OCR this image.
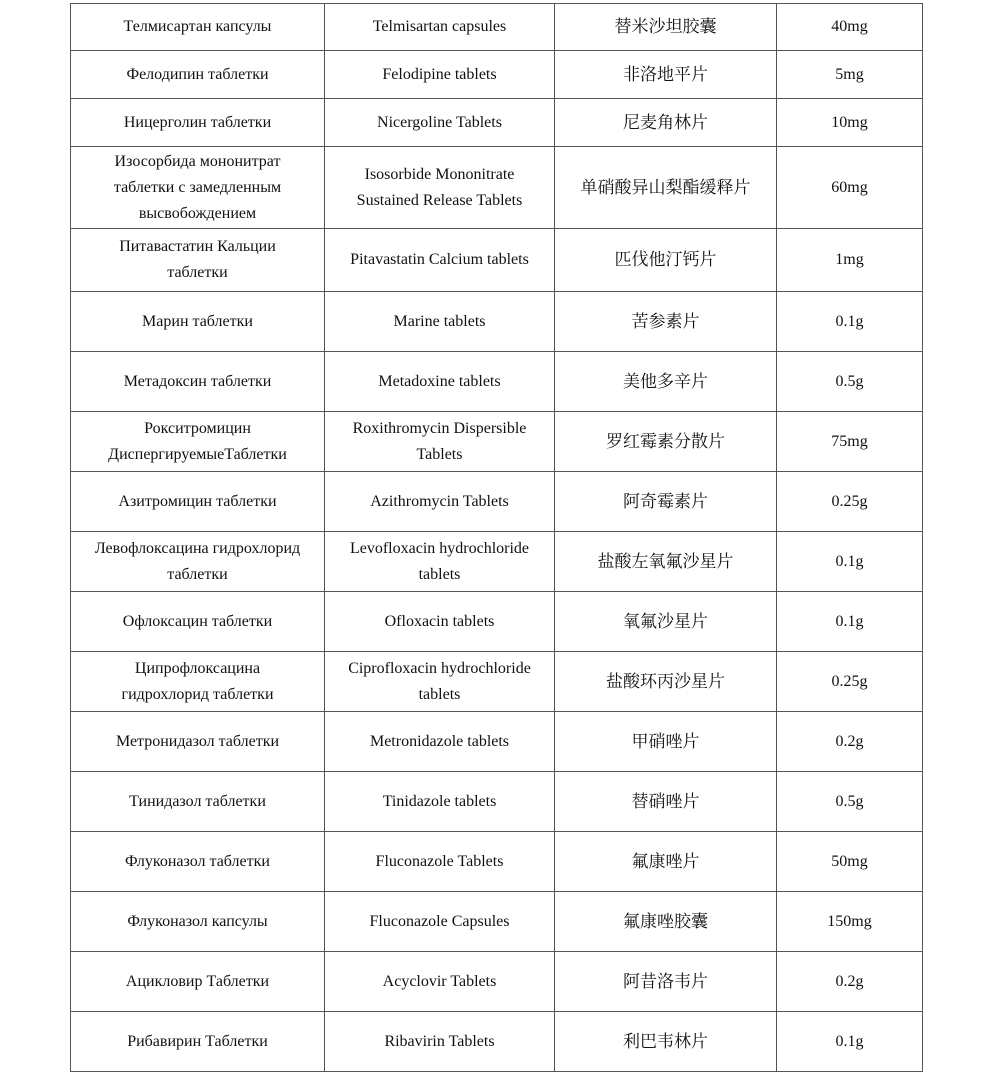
Телмисартан капсулы	Telmisartan capsules	替米沙坦胶囊	40mg
Фелодипин таблетки	Felodipine tablets	非洛地平片	5mg
Ницерголин таблетки	Nicergoline Tablets	尼麦角林片	10mg
Изосорбида мононитрат таблетки с замедленным высвобождением	Isosorbide Mononitrate Sustained Release Tablets	单硝酸异山梨酯缓释片	60mg
Питавастатин Кальции таблетки	Pitavastatin Calcium tablets	匹伐他汀钙片	1mg
Марин таблетки	Marine tablets	苦参素片	0.1g
Метадоксин таблетки	Metadoxine tablets	美他多辛片	0.5g
Рокситромицин ДиспергируемыеТаблетки	Roxithromycin Dispersible Tablets	罗红霉素分散片	75mg
Азитромицин таблетки	Azithromycin Tablets	阿奇霉素片	0.25g
Левофлоксацина гидрохлорид таблетки	Levofloxacin hydrochloride tablets	盐酸左氧氟沙星片	0.1g
Офлоксацин таблетки	Ofloxacin tablets	氧氟沙星片	0.1g
Ципрофлоксацина гидрохлорид таблетки	Ciprofloxacin hydrochloride tablets	盐酸环丙沙星片	0.25g
Метронидазол таблетки	Metronidazole tablets	甲硝唑片	0.2g
Тинидазол таблетки	Tinidazole tablets	替硝唑片	0.5g
Флуконазол таблетки	Fluconazole Tablets	氟康唑片	50mg
Флуконазол капсулы	Fluconazole Capsules	氟康唑胶囊	150mg
Ацикловир Таблетки	Acyclovir Tablets	阿昔洛韦片	0.2g
Рибавирин Таблетки	Ribavirin Tablets	利巴韦林片	0.1g
